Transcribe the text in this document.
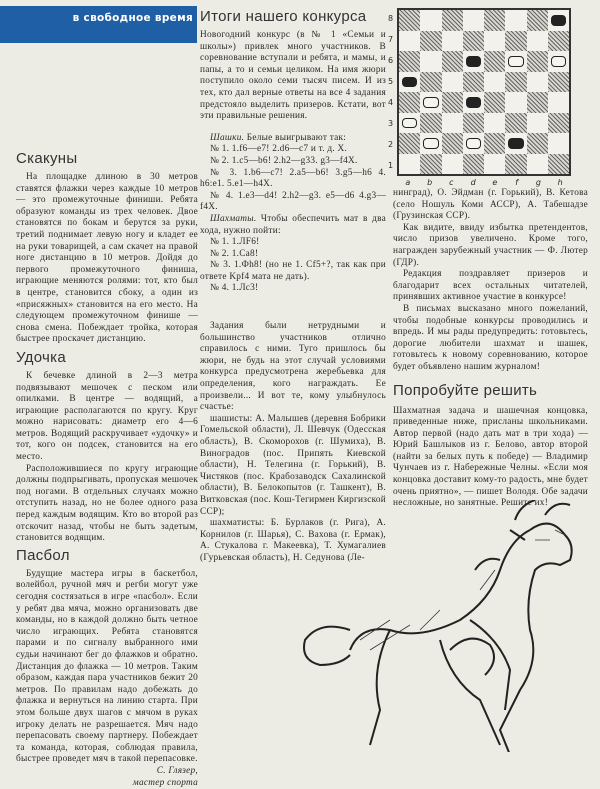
в свободное время
Скакуны

На площадке длиною в 30 метров ставятся флажки через каждые 10 метров — это промежуточные финиши. Ребята образуют команды из трех человек. Двое становятся по бокам и берутся за руки, третий поднимает левую ногу и кладет ее на руки товарищей, а сам скачет на правой ноге дистанцию в 10 метров. Дойдя до первого промежуточного финиша, играющие меняются ролями: тот, кто был в центре, становится сбоку, а один из «присяжных» становится на его место. На следующем промежуточном финише — снова смена. Побеждает тройка, которая быстрее проскачет дистанцию.

Удочка

К бечевке длиной в 2—3 метра подвязывают мешочек с песком или опилками. В центре — водящий, а играющие располагаются по кругу. Круг можно нарисовать: диаметр его 4—6 метров. Водящий раскручивает «удочку» и тот, кого он подсек, становится на его место.

Расположившиеся по кругу играющие должны подпрыгивать, пропуская мешочек под ногами. В отдельных случаях можно отступить назад, но не более одного раза перед каждым водящим. Кто во второй раз отскочит назад, чтобы не быть задетым, становится водящим.

Пасбол

Будущие мастера игры в баскетбол, волейбол, ручной мяч и регби могут уже сегодня состязаться в игре «пасбол». Если у ребят два мяча, можно организовать две команды, но в каждой должно быть четное число играющих. Ребята становятся парами и по сигналу выбранного ими судьи начинают бег до флажков и обратно. Дистанция до флажка — 10 метров. Таким образом, каждая пара участников бежит 20 метров. По правилам надо добежать до флажка и вернуться на линию старта. При этом больше двух шагов с мячом в руках игроку делать не разрешается. Мяч надо перепасовать своему партнеру. Побеждает та команда, которая, соблюдая правила, быстрее проведет мяч в такой перепасовке.

С. Глязер,

мастер спорта

Итоги нашего конкурса

Новогодний конкурс (в № 1 «Семьи и школы») привлек много участников. В соревнование вступали и ребята, и мамы, и папы, а то и семьи целиком. На имя жюри поступило около семи тысяч писем. И из тех, кто дал верные ответы на все 4 задания предстояло выделить призеров. Кстати, вот эти правильные решения.

Шашки. Белые выигрывают так:

№ 1. 1.f6—e7! 2.d6—c7 и т. д. Х.

№ 2. 1.c5—b6! 2.h2—g33. g3—f4X.

№ 3. 1.b6—c7! 2.a5—b6! 3.g5—h6 4. h6:e1. 5.e1—h4X.

№ 4. 1.e3—d4! 2.h2—g3. e5—d6 4.g3—f4X.

Шахматы. Чтобы обеспечить мат в два хода, нужно пойти:

№ 1. 1.ЛF6!

№ 2. 1.Ca8!

№ 3. 1.Фh8! (но не 1. Cf5+?, так как при ответе Kpf4 мата не дать).

№ 4. 1.Лc3!

Задания были нетрудными и большинство участников отлично справилось с ними. Туго пришлось бы жюри, не будь на этот случай условиями конкурса предусмотрена жеребьевка для определения, кого награждать. Ее произвели... И вот те, кому улыбнулось счастье:

шашисты: А. Малышев (деревня Бобрики Гомельской области), Л. Шевчук (Одесская область), В. Скоморохов (г. Шумиха), В. Виноградов (пос. Припять Киевской области), Н. Телегина (г. Горький), В. Чистяков (пос. Крабозаводск Сахалинской области), В. Белокопытов (г. Ташкент), В. Витковская (пос. Кош-Тегирмен Киргизской ССР);

шахматисты: Б. Бурлаков (г. Рига), А. Корнилов (г. Шарья), С. Вахова (г. Ермак), А. Стукалова г. Макеевка), Т. Хумагалиев (Гурьевская область), Н. Седунова (Ле-

8
7
6
5
4
3
2
1
a	b	c	d	e	f	g	h

нинград), О. Эйдман (г. Горький), В. Кетова (село Ношуль Коми АССР), А. Табешадзе (Грузинская ССР).

Как видите, ввиду избытка претендентов, число призов увеличено. Кроме того, награжден зарубежный участник — Ф. Лютер (ГДР).

Редакция поздравляет призеров и благодарит всех остальных читателей, принявших активное участие в конкурсе!

В письмах высказано много пожеланий, чтобы подобные конкурсы проводились и впредь. И мы рады предупредить: готовьтесь, дорогие любители шахмат и шашек, готовьтесь к новому соревнованию, которое будет объявлено нашим журналом!

Попробуйте решить

Шахматная задача и шашечная концовка, приведенные ниже, присланы школьниками. Автор первой (надо дать мат в три хода) — Юрий Башлыков из г. Белово, автор второй (найти за белых путь к победе) — Владимир Чунчаев из г. Набережные Челны. «Если моя концовка доставит кому-то радость, мне будет очень приятно», — пишет Володя. Обе задачи несложные, но занятные. Решите их!
